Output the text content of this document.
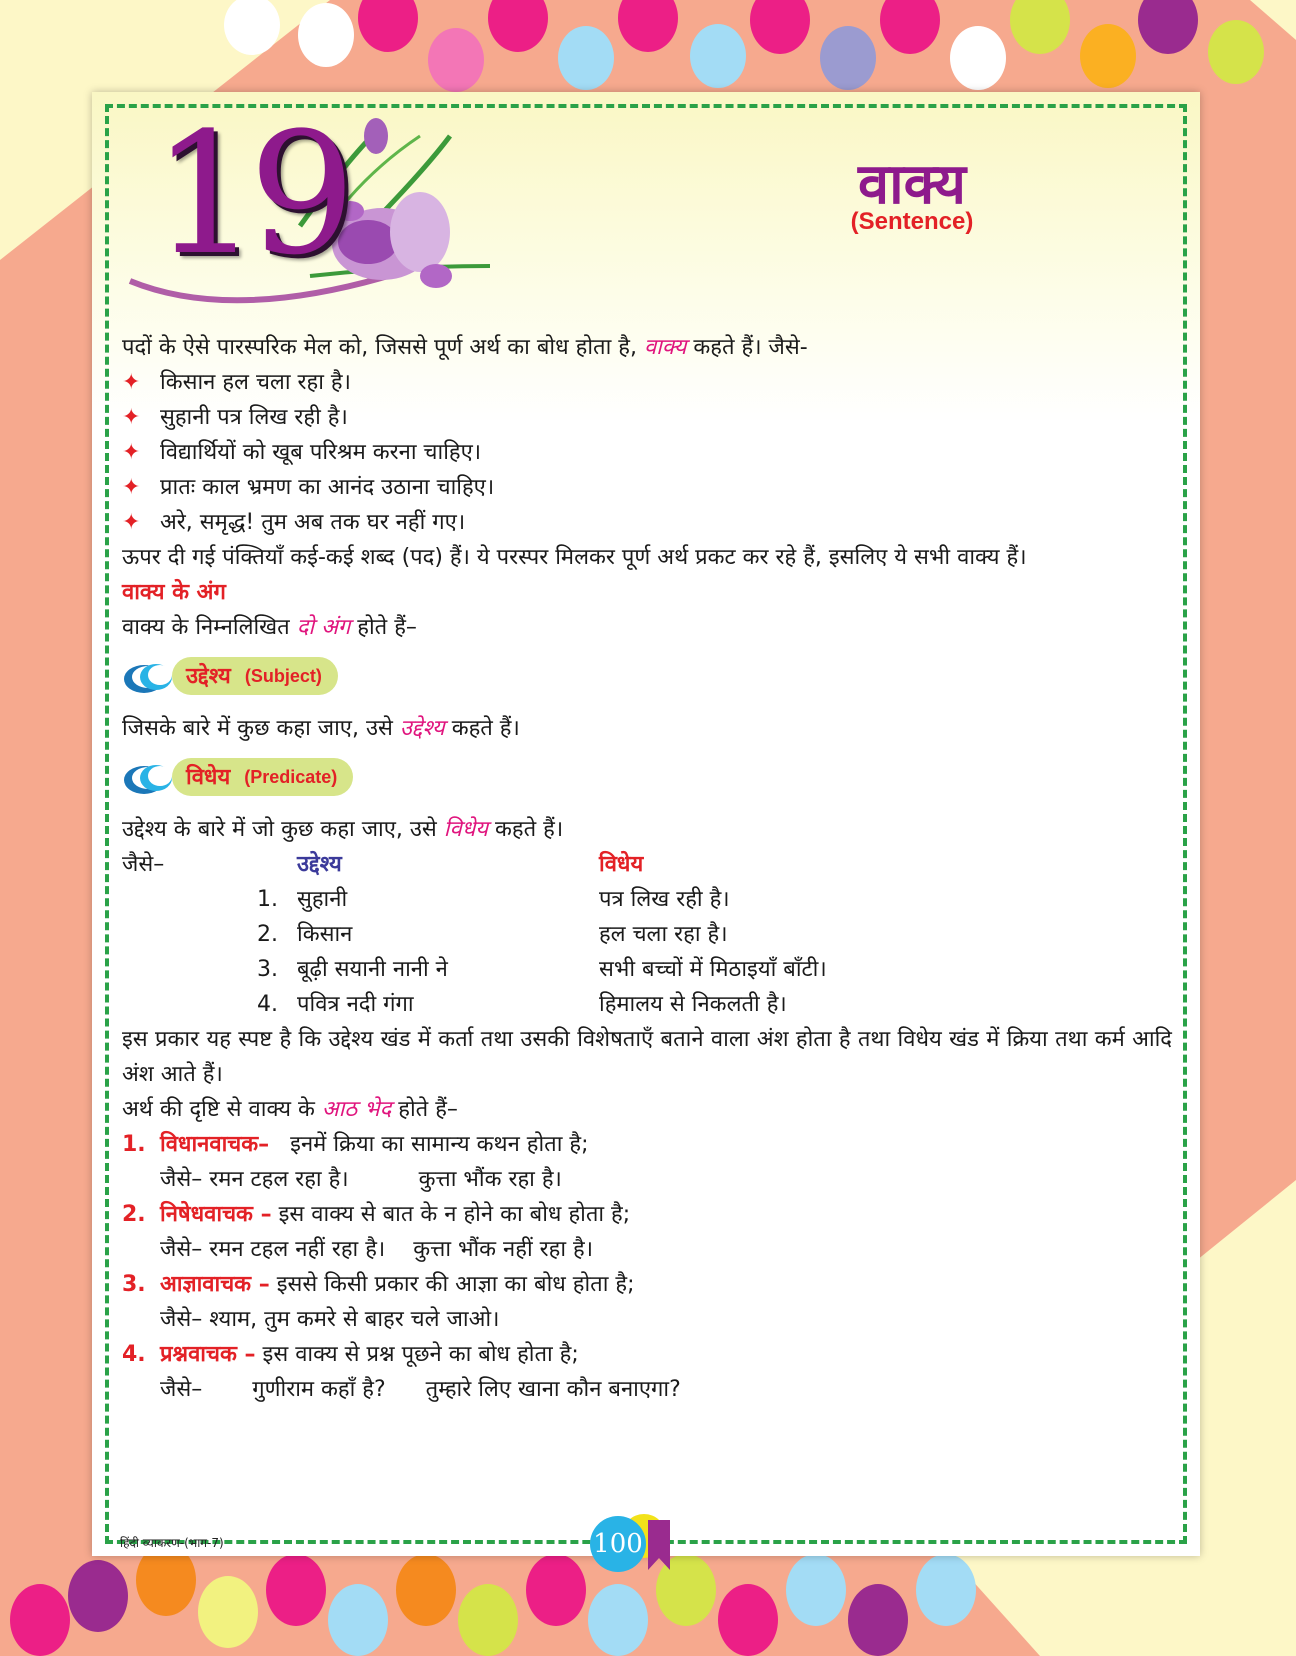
19	वाक्य
(Sentence)
पदों के ऐसे पारस्परिक मेल को, जिससे पूर्ण अर्थ का बोध होता है, वाक्य कहते हैं। जैसे-
✦ किसान हल चला रहा है।
✦ सुहानी पत्र लिख रही है।
✦ विद्यार्थियों को खूब परिश्रम करना चाहिए।
✦ प्रातः काल भ्रमण का आनंद उठाना चाहिए।
✦ अरे, समृद्ध! तुम अब तक घर नहीं गए।
ऊपर दी गई पंक्तियाँ कई-कई शब्द (पद) हैं। ये परस्पर मिलकर पूर्ण अर्थ प्रकट कर रहे हैं, इसलिए ये सभी वाक्य हैं।
वाक्य के अंग
वाक्य के निम्नलिखित दो अंग होते हैं–
उद्देश्य (Subject)
जिसके बारे में कुछ कहा जाए, उसे उद्देश्य कहते हैं।
विधेय (Predicate)
उद्देश्य के बारे में जो कुछ कहा जाए, उसे विधेय कहते हैं।
जैसे–	उद्देश्य	विधेय
1. सुहानी	पत्र लिख रही है।
2. किसान	हल चला रहा है।
3. बूढ़ी सयानी नानी ने	सभी बच्चों में मिठाइयाँ बाँटी।
4. पवित्र नदी गंगा	हिमालय से निकलती है।
इस प्रकार यह स्पष्ट है कि उद्देश्य खंड में कर्ता तथा उसकी विशेषताएँ बताने वाला अंश होता है तथा विधेय खंड में क्रिया तथा कर्म आदि अंश आते हैं।
अर्थ की दृष्टि से वाक्य के आठ भेद होते हैं–
1. विधानवाचक– इनमें क्रिया का सामान्य कथन होता है;
जैसे– रमन टहल रहा है।	कुत्ता भौंक रहा है।
2. निषेधवाचक – इस वाक्य से बात के न होने का बोध होता है;
जैसे– रमन टहल नहीं रहा है। कुत्ता भौंक नहीं रहा है।
3. आज्ञावाचक – इससे किसी प्रकार की आज्ञा का बोध होता है;
जैसे– श्याम, तुम कमरे से बाहर चले जाओ।
4. प्रश्नवाचक – इस वाक्य से प्रश्न पूछने का बोध होता है;
जैसे– गुणीराम कहाँ है? तुम्हारे लिए खाना कौन बनाएगा?
हिंदी व्याकरण-(भाग-7)	100
